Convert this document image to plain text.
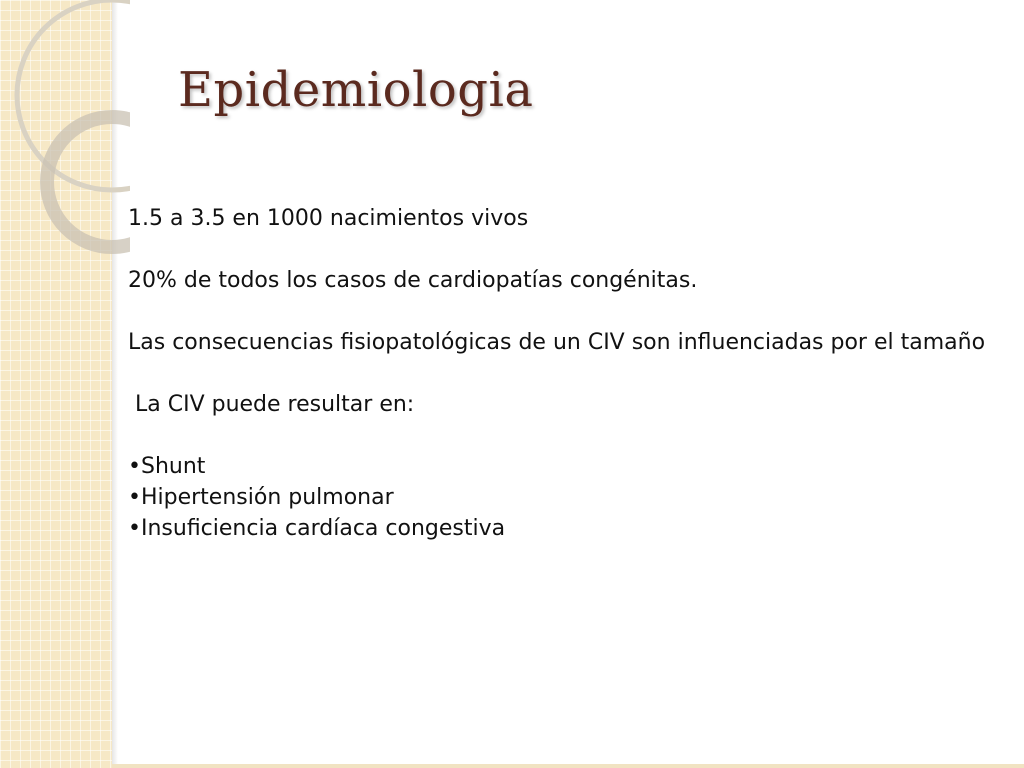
Epidemiologia

1.5 a 3.5 en 1000 nacimientos vivos

20% de todos los casos de cardiopatías congénitas.

Las consecuencias fisiopatológicas de un CIV son influenciadas por el tamaño

La CIV puede resultar en:

•Shunt

•Hipertensión pulmonar

•Insuficiencia cardíaca congestiva
